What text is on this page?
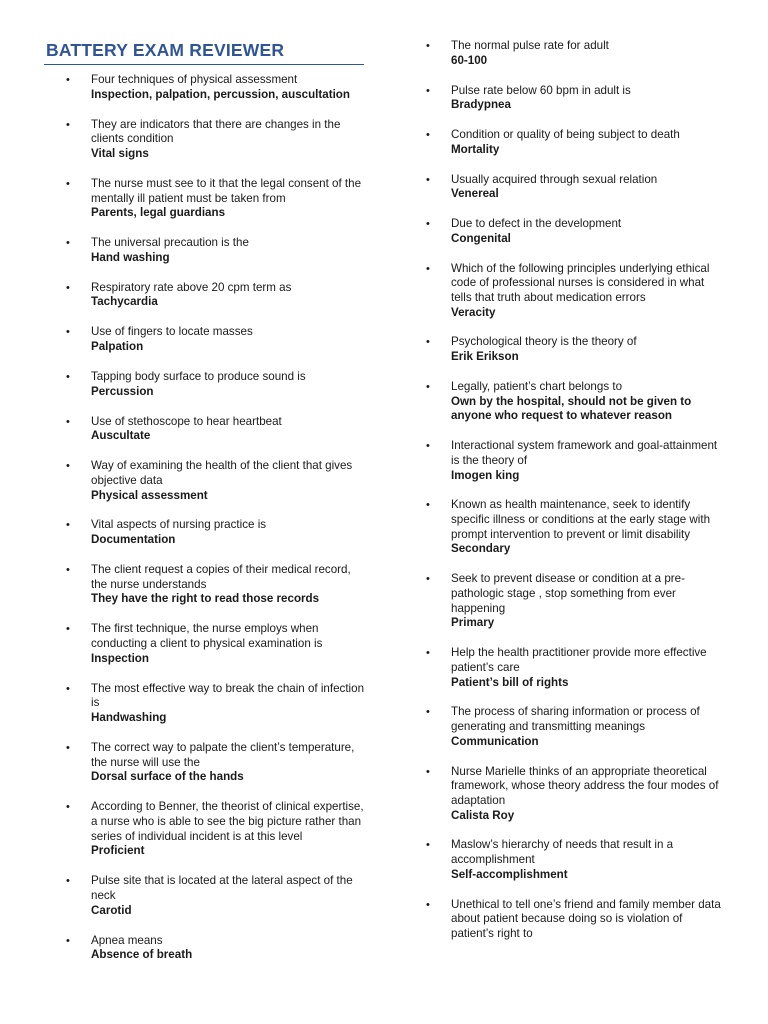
BATTERY EXAM REVIEWER
• Four techniques of physical assessment
Inspection, palpation, percussion, auscultation
• They are indicators that there are changes in the clients condition
Vital signs
• The nurse must see to it that the legal consent of the mentally ill patient must be taken from
Parents, legal guardians
• The universal precaution is the
Hand washing
• Respiratory rate above 20 cpm term as
Tachycardia
• Use of fingers to locate masses
Palpation
• Tapping body surface to produce sound is
Percussion
• Use of stethoscope to hear heartbeat
Auscultate
• Way of examining the health of the client that gives objective data
Physical assessment
• Vital aspects of nursing practice is
Documentation
• The client request a copies of their medical record, the nurse understands
They have the right to read those records
• The first technique, the nurse employs when conducting a client to physical examination is
Inspection
• The most effective way to break the chain of infection is
Handwashing
• The correct way to palpate the client’s temperature, the nurse will use the
Dorsal surface of the hands
• According to Benner, the theorist of clinical expertise, a nurse who is able to see the big picture rather than series of individual incident is at this level
Proficient
• Pulse site that is located at the lateral aspect of the neck
Carotid
• Apnea means
Absence of breath
• The normal pulse rate for adult
60-100
• Pulse rate below 60 bpm in adult is
Bradypnea
• Condition or quality of being subject to death
Mortality
• Usually acquired through sexual relation
Venereal
• Due to defect in the development
Congenital
• Which of the following principles underlying ethical code of professional nurses is considered in what tells that truth about medication errors
Veracity
• Psychological theory is the theory of
Erik Erikson
• Legally, patient’s chart belongs to
Own by the hospital, should not be given to anyone who request to whatever reason
• Interactional system framework and goal-attainment is the theory of
Imogen king
• Known as health maintenance, seek to identify specific illness or conditions at the early stage with prompt intervention to prevent or limit disability
Secondary
• Seek to prevent disease or condition at a pre-pathologic stage , stop something from ever happening
Primary
• Help the health practitioner provide more effective patient’s care
Patient’s bill of rights
• The process of sharing information or process of generating and transmitting meanings
Communication
• Nurse Marielle thinks of an appropriate theoretical framework, whose theory address the four modes of adaptation
Calista Roy
• Maslow’s hierarchy of needs that result in a accomplishment
Self-accomplishment
• Unethical to tell one’s friend and family member data about patient because doing so is violation of patient’s right to
